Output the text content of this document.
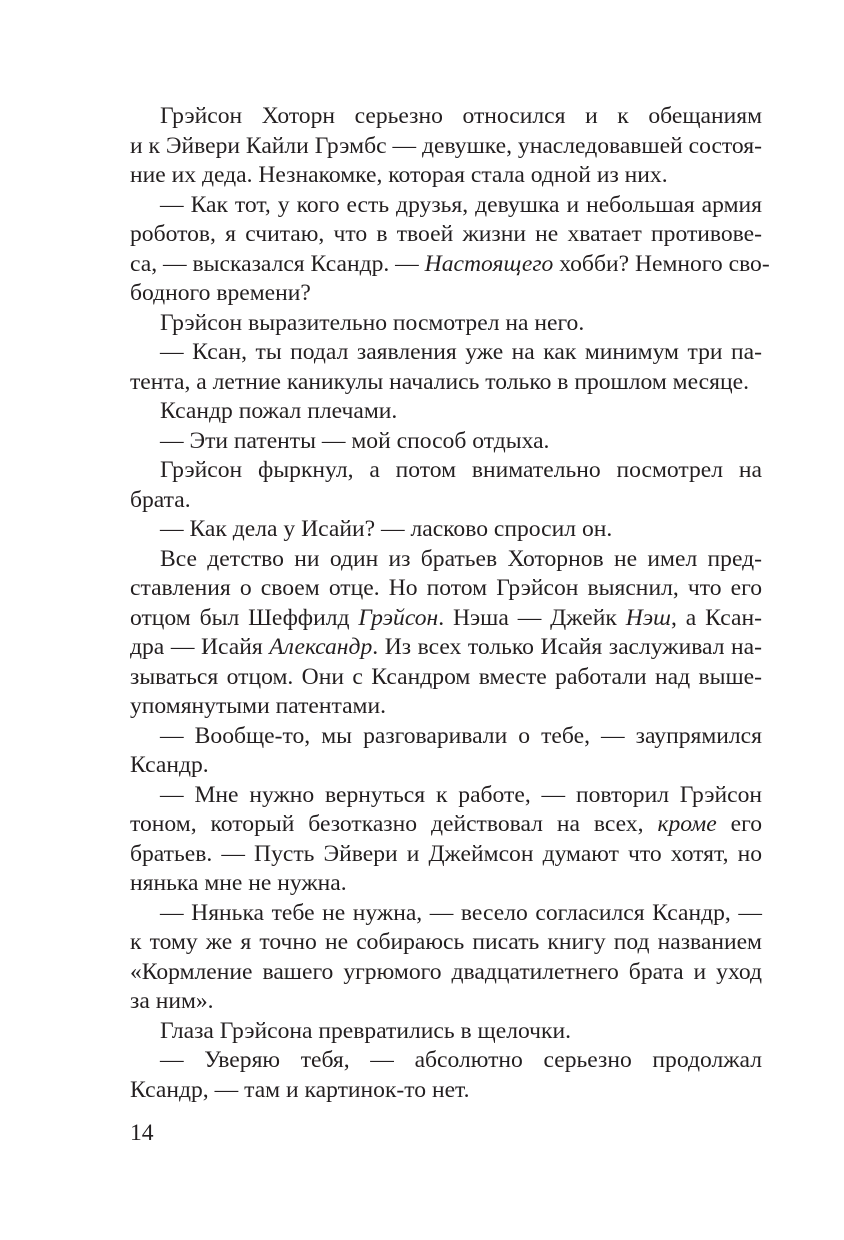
Грэйсон Хоторн серьезно относился и к обещаниям
и к Эйвери Кайли Грэмбс — девушке, унаследовавшей состоя-
ние их деда. Незнакомке, которая стала одной из них.
— Как тот, у кого есть друзья, девушка и небольшая армия
роботов, я считаю, что в твоей жизни не хватает противове-
са, — высказался Ксандр. — Настоящего хобби? Немного сво-
бодного времени?
Грэйсон выразительно посмотрел на него.
— Ксан, ты подал заявления уже на как минимум три па-
тента, а летние каникулы начались только в прошлом месяце.
Ксандр пожал плечами.
— Эти патенты — мой способ отдыха.
Грэйсон фыркнул, а потом внимательно посмотрел на
брата.
— Как дела у Исайи? — ласково спросил он.
Все детство ни один из братьев Хоторнов не имел пред-
ставления о своем отце. Но потом Грэйсон выяснил, что его
отцом был Шеффилд Грэйсон. Нэша — Джейк Нэш, а Ксан-
дра — Исайя Александр. Из всех только Исайя заслуживал на-
зываться отцом. Они с Ксандром вместе работали над выше-
упомянутыми патентами.
— Вообще-то, мы разговаривали о тебе, — заупрямился
Ксандр.
— Мне нужно вернуться к работе, — повторил Грэйсон
тоном, который безотказно действовал на всех, кроме его
братьев. — Пусть Эйвери и Джеймсон думают что хотят, но
нянька мне не нужна.
— Нянька тебе не нужна, — весело согласился Ксандр, —
к тому же я точно не собираюсь писать книгу под названием
«Кормление вашего угрюмого двадцатилетнего брата и уход
за ним».
Глаза Грэйсона превратились в щелочки.
— Уверяю тебя, — абсолютно серьезно продолжал
Ксандр, — там и картинок-то нет.
14
